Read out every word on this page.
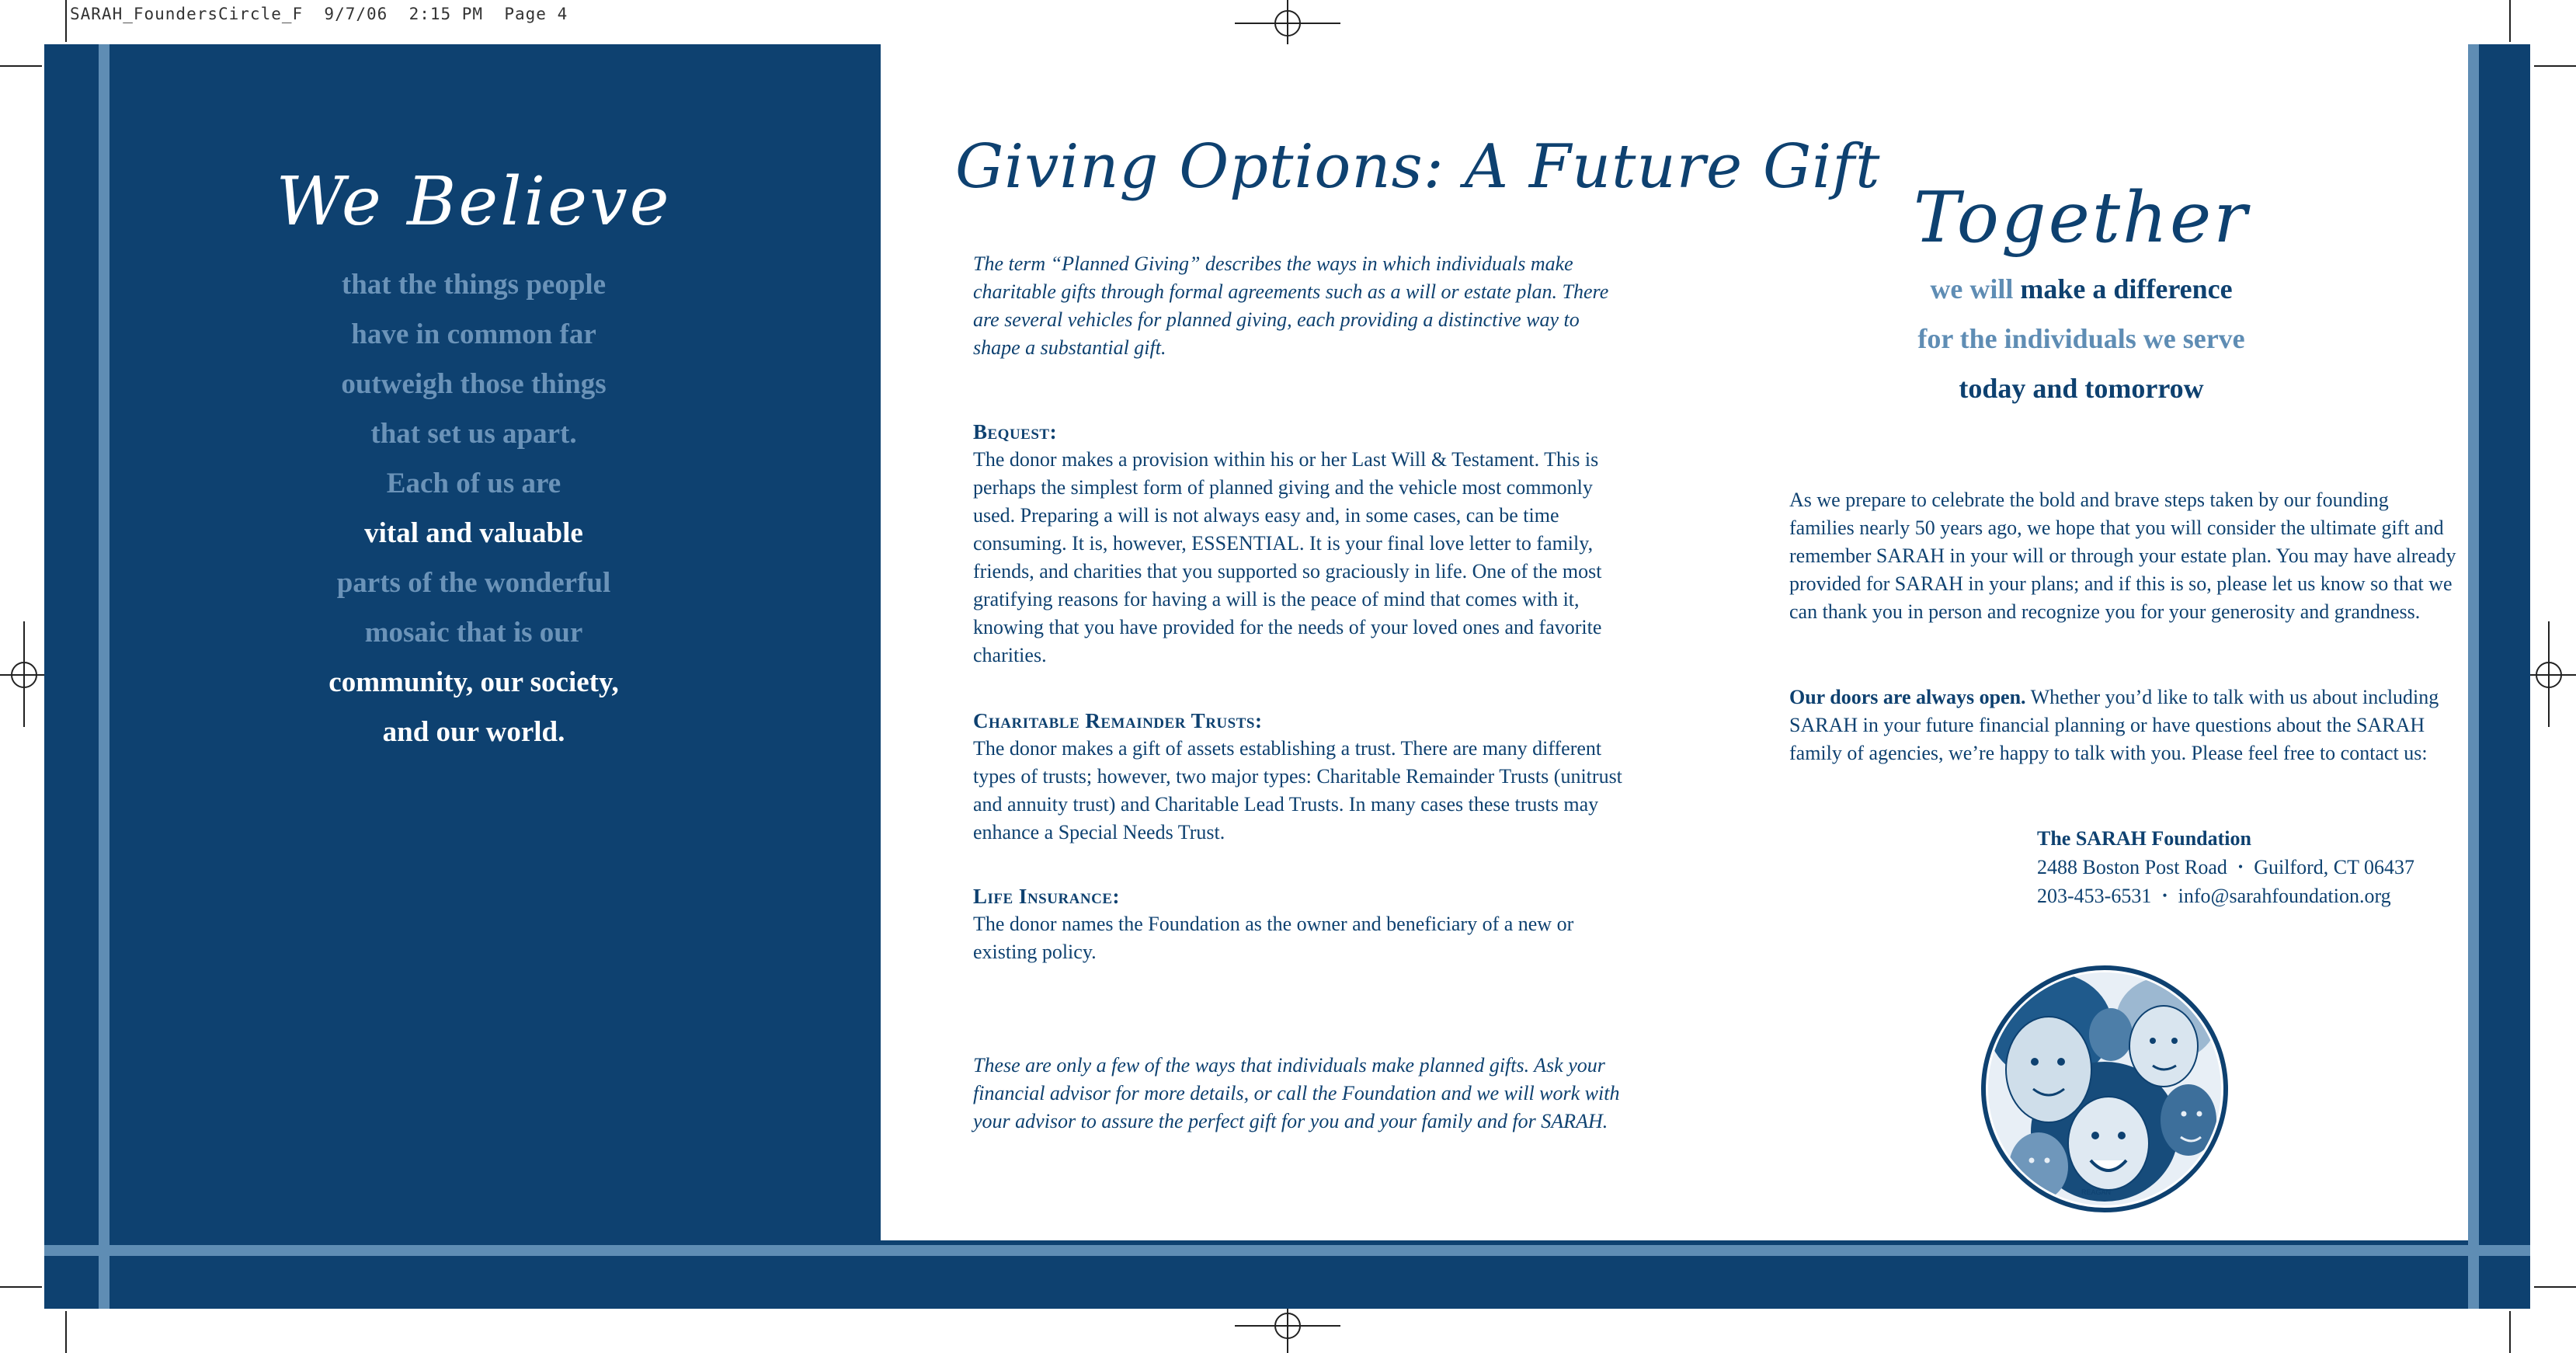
SARAH_FoundersCircle_F  9/7/06  2:15 PM  Page 4
We Believe
that the things people
have in common far
outweigh those things
that set us apart.
Each of us are
vital and valuable
parts of the wonderful
mosaic that is our
community, our society,
and our world.
Giving Options: A Future Gift
The term “Planned Giving” describes the ways in which individuals make charitable gifts through formal agreements such as a will or estate plan. There are several vehicles for planned giving, each providing a distinctive way to shape a substantial gift.
Bequest:
The donor makes a provision within his or her Last Will & Testament. This is perhaps the simplest form of planned giving and the vehicle most commonly used. Preparing a will is not always easy and, in some cases, can be time consuming. It is, however, ESSENTIAL. It is your final love letter to family, friends, and charities that you supported so graciously in life. One of the most gratifying reasons for having a will is the peace of mind that comes with it, knowing that you have provided for the needs of your loved ones and favorite charities.
Charitable Remainder Trusts:
The donor makes a gift of assets establishing a trust. There are many different types of trusts; however, two major types: Charitable Remainder Trusts (unitrust and annuity trust) and Charitable Lead Trusts. In many cases these trusts may enhance a Special Needs Trust.
Life Insurance:
The donor names the Foundation as the owner and beneficiary of a new or existing policy.
These are only a few of the ways that individuals make planned gifts. Ask your financial advisor for more details, or call the Foundation and we will work with your advisor to assure the perfect gift for you and your family and for SARAH.
Together
we will make a difference
for the individuals we serve
today and tomorrow
As we prepare to celebrate the bold and brave steps taken by our founding families nearly 50 years ago, we hope that you will consider the ultimate gift and remember SARAH in your will or through your estate plan. You may have already provided for SARAH in your plans; and if this is so, please let us know so that we can thank you in person and recognize you for your generosity and grandness.
Our doors are always open. Whether you’d like to talk with us about including SARAH in your future financial planning or have questions about the SARAH family of agencies, we’re happy to talk with you. Please feel free to contact us:
The SARAH Foundation
2488 Boston Post Road • Guilford, CT 06437
203-453-6531 • info@sarahfoundation.org
REAGAN
